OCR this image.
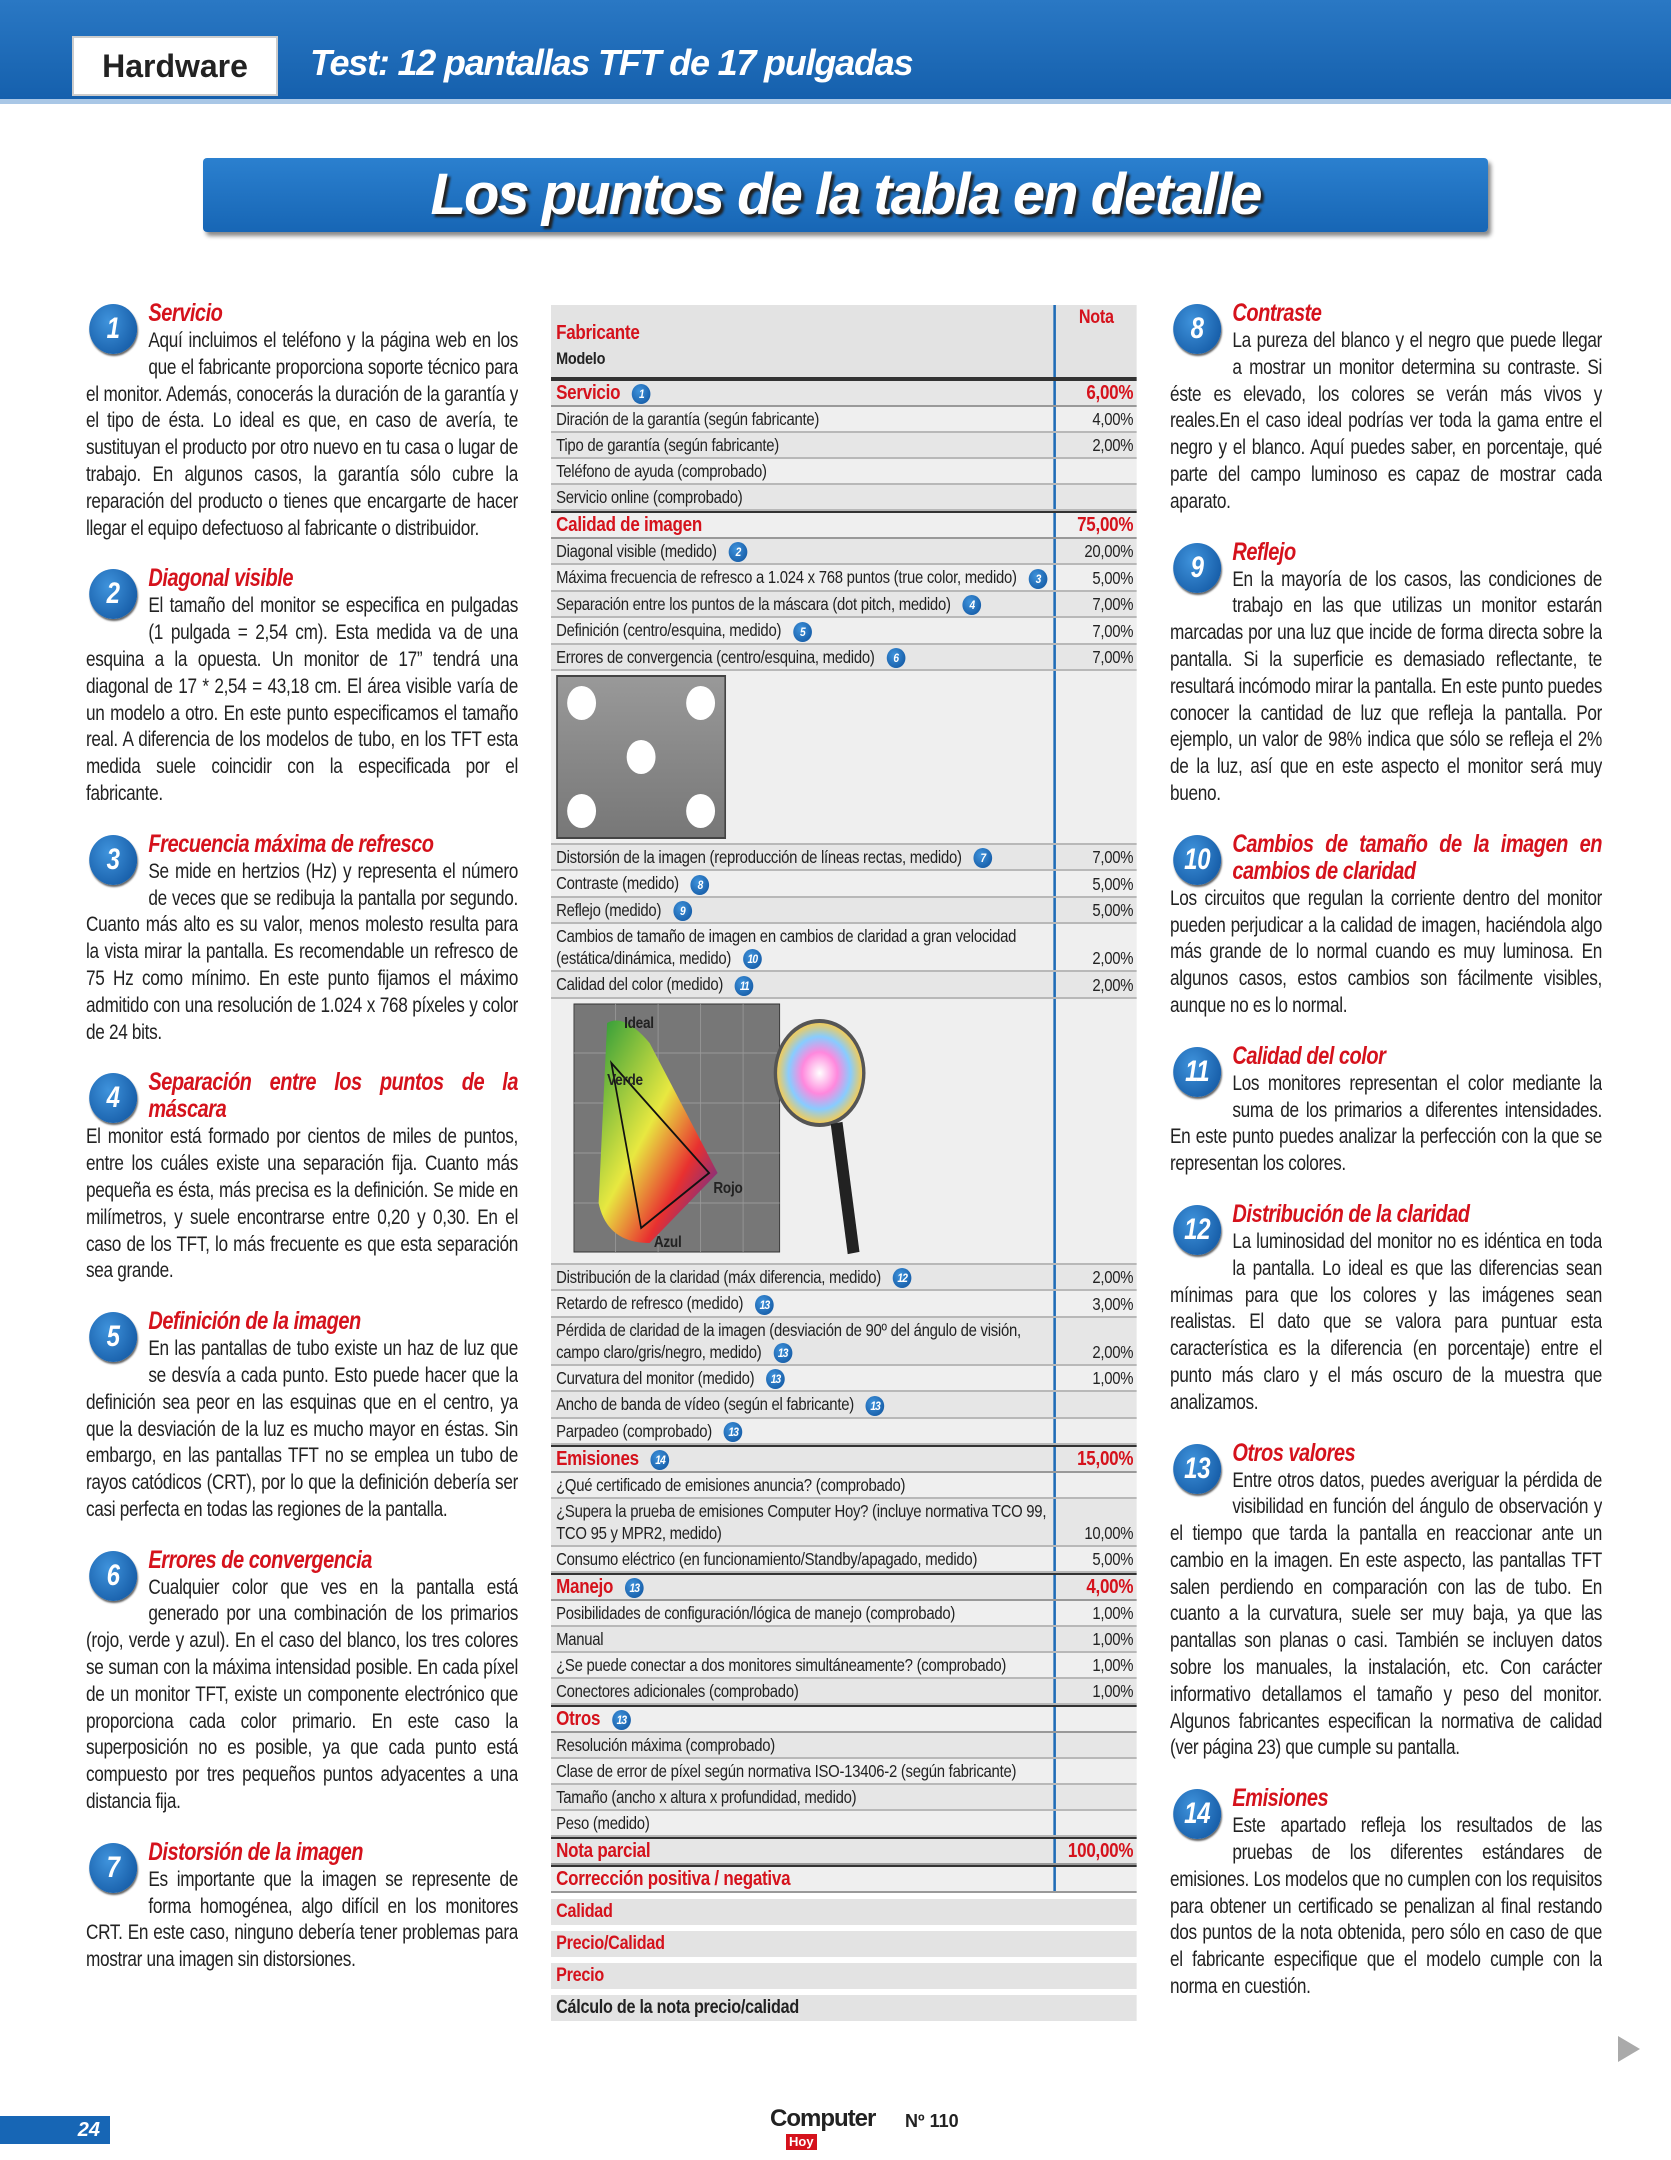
Hardware	Test: 12 pantallas TFT de 17 pulgadas
Los puntos de la tabla en detalle
1	Servicio
Aquí incluimos el teléfono y la página web en los que el fabricante proporciona soporte técnico para el monitor. Además, conocerás la duración de la garantía y el tipo de ésta. Lo ideal es que, en caso de avería, te sustituyan el producto por otro nuevo en tu casa o lugar de trabajo. En algunos casos, la garantía sólo cubre la reparación del producto o tienes que encargarte de hacer llegar el equipo defectuoso al fabricante o distribuidor.
2	Diagonal visible
El tamaño del monitor se especifica en pulgadas (1 pulgada = 2,54 cm). Esta medida va de una esquina a la opuesta. Un monitor de 17” tendrá una diagonal de 17 * 2,54 = 43,18 cm. El área visible varía de un modelo a otro. En este punto especificamos el tamaño real. A diferencia de los modelos de tubo, en los TFT esta medida suele coincidir con la especificada por el fabricante.
3	Frecuencia máxima de refresco
Se mide en hertzios (Hz) y representa el número de veces que se redibuja la pantalla por segundo. Cuanto más alto es su valor, menos molesto resulta para la vista mirar la pantalla. Es recomendable un refresco de 75 Hz como mínimo. En este punto fijamos el máximo admitido con una resolución de 1.024 x 768 píxeles y color de 24 bits.
4	Separación entre los puntos de la máscara
El monitor está formado por cientos de miles de puntos, entre los cuáles existe una separación fija. Cuanto más pequeña es ésta, más precisa es la definición. Se mide en milímetros, y suele encontrarse entre 0,20 y 0,30. En el caso de los TFT, lo más frecuente es que esta separación sea grande.
5	Definición de la imagen
En las pantallas de tubo existe un haz de luz que se desvía a cada punto. Esto puede hacer que la definición sea peor en las esquinas que en el centro, ya que la desviación de la luz es mucho mayor en éstas. Sin embargo, en las pantallas TFT no se emplea un tubo de rayos catódicos (CRT), por lo que la definición debería ser casi perfecta en todas las regiones de la pantalla.
6	Errores de convergencia
Cualquier color que ves en la pantalla está generado por una combinación de los primarios (rojo, verde y azul). En el caso del blanco, los tres colores se suman con la máxima intensidad posible. En cada píxel de un monitor TFT, existe un componente electrónico que proporciona cada color primario. En este caso la superposición no es posible, ya que cada punto está compuesto por tres pequeños puntos adyacentes a una distancia fija.
7	Distorsión de la imagen
Es importante que la imagen se represente de forma homogénea, algo difícil en los monitores CRT. En este caso, ninguno debería tener problemas para mostrar una imagen sin distorsiones.
8	Contraste
La pureza del blanco y el negro que puede llegar a mostrar un monitor determina su contraste. Si éste es elevado, los colores se verán más vivos y reales.En el caso ideal podrías ver toda la gama entre el negro y el blanco. Aquí puedes saber, en porcentaje, qué parte del campo luminoso es capaz de mostrar cada aparato.
9	Reflejo
En la mayoría de los casos, las condiciones de trabajo en las que utilizas un monitor estarán marcadas por una luz que incide de forma directa sobre la pantalla. Si la superficie es demasiado reflectante, te resultará incómodo mirar la pantalla. En este punto puedes conocer la cantidad de luz que refleja la pantalla. Por ejemplo, un valor de 98% indica que sólo se refleja el 2% de la luz, así que en este aspecto el monitor será muy bueno.
10 Cambios de tamaño de la imagen en cambios de claridad
Los circuitos que regulan la corriente dentro del monitor pueden perjudicar a la calidad de imagen, haciéndola algo más grande de lo normal cuando es muy luminosa. En algunos casos, estos cambios son fácilmente visibles, aunque no es lo normal.
11 Calidad del color
Los monitores representan el color mediante la suma de los primarios a diferentes intensidades. En este punto puedes analizar la perfección con la que se representan los colores.
12 Distribución de la claridad
La luminosidad del monitor no es idéntica en toda la pantalla. Lo ideal es que las diferencias sean mínimas para que los colores y las imágenes sean realistas. El dato que se valora para puntuar esta característica es la diferencia (en porcentaje) entre el punto más claro y el más oscuro de la muestra que analizamos.
13 Otros valores
Entre otros datos, puedes averiguar la pérdida de visibilidad en función del ángulo de observación y el tiempo que tarda la pantalla en reaccionar ante un cambio en la imagen. En este aspecto, las pantallas TFT salen perdiendo en comparación con las de tubo. En cuanto a la curvatura, suele ser muy baja, ya que las pantallas son planas o casi. También se incluyen datos sobre los manuales, la instalación, etc. Con carácter informativo detallamos el tamaño y peso del monitor. Algunos fabricantes especifican la normativa de calidad (ver página 23) que cumple su pantalla.
14 Emisiones
Este apartado refleja los resultados de las pruebas de los diferentes estándares de emisiones. Los modelos que no cumplen con los requisitos para obtener un certificado se penalizan al final restando dos puntos de la nota obtenida, pero sólo en caso de que el fabricante especifique que el modelo cumple con la norma en cuestión.
Fabricante
Modelo
Nota
Servicio 1	6,00%
Diración de la garantía (según fabricante)	4,00%
Tipo de garantía (según fabricante)	2,00%
Teléfono de ayuda (comprobado)
Servicio online (comprobado)
Calidad de imagen	75,00%
Diagonal visible (medido) 2	20,00%
Máxima frecuencia de refresco a 1.024 x 768 puntos (true color, medido) 3	5,00%
Separación entre los puntos de la máscara (dot pitch, medido) 4	7,00%
Definición (centro/esquina, medido) 5	7,00%
Errores de convergencia (centro/esquina, medido) 6	7,00%
Distorsión de la imagen (reproducción de líneas rectas, medido) 7	7,00%
Contraste (medido) 8	5,00%
Reflejo (medido) 9	5,00%
Cambios de tamaño de imagen en cambios de claridad a gran velocidad (estática/dinámica, medido) 10	2,00%
Calidad del color (medido) 11	2,00%
Ideal
Verde
Rojo
Azul
Distribución de la claridad (máx diferencia, medido) 12	2,00%
Retardo de refresco (medido) 13	3,00%
Pérdida de claridad de la imagen (desviación de 90º del ángulo de visión, campo claro/gris/negro, medido) 13	2,00%
Curvatura del monitor (medido) 13	1,00%
Ancho de banda de vídeo (según el fabricante) 13
Parpadeo (comprobado) 13
Emisiones 14	15,00%
¿Qué certificado de emisiones anuncia? (comprobado)
¿Supera la prueba de emisiones Computer Hoy? (incluye normativa TCO 99, TCO 95 y MPR2, medido)	10,00%
Consumo eléctrico (en funcionamiento/Standby/apagado, medido)	5,00%
Manejo 13	4,00%
Posibilidades de configuración/lógica de manejo (comprobado)	1,00%
Manual	1,00%
¿Se puede conectar a dos monitores simultáneamente? (comprobado)	1,00%
Conectores adicionales (comprobado)	1,00%
Otros 13
Resolución máxima (comprobado)
Clase de error de píxel según normativa ISO-13406-2 (según fabricante)
Tamaño (ancho x altura x profundidad, medido)
Peso (medido)
Nota parcial	100,00%
Corrección positiva / negativa
Calidad
Precio/Calidad
Precio
Cálculo de la nota precio/calidad
24	Computer
Hoy
Nº 110
